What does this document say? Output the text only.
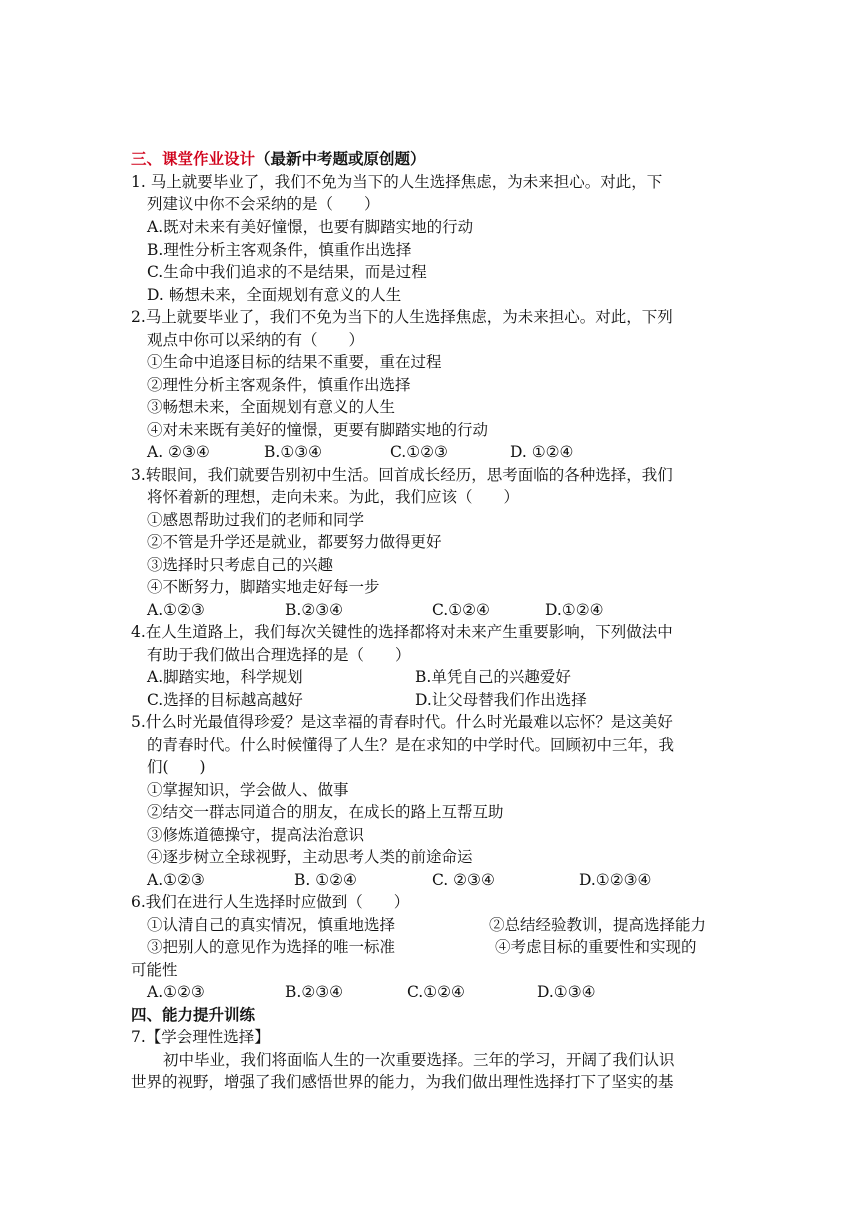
三、课堂作业设计（最新中考题或原创题）
1. 马上就要毕业了，我们不免为当下的人生选择焦虑，为未来担心。对此，下
列建议中你不会采纳的是（　　）
A.既对未来有美好憧憬，也要有脚踏实地的行动
B.理性分析主客观条件，慎重作出选择
C.生命中我们追求的不是结果，而是过程
D. 畅想未来，全面规划有意义的人生
2.马上就要毕业了，我们不免为当下的人生选择焦虑，为未来担心。对此，下列
观点中你可以采纳的有（　　）
①生命中追逐目标的结果不重要，重在过程
②理性分析主客观条件，慎重作出选择
③畅想未来，全面规划有意义的人生
④对未来既有美好的憧憬，更要有脚踏实地的行动
A. ②③④	B.①③④	C.①②③	D. ①②④
3.转眼间，我们就要告别初中生活。回首成长经历，思考面临的各种选择，我们
将怀着新的理想，走向未来。为此，我们应该（　　）
①感恩帮助过我们的老师和同学
②不管是升学还是就业，都要努力做得更好
③选择时只考虑自己的兴趣
④不断努力，脚踏实地走好每一步
A.①②③	B.②③④	C.①②④	D.①②④
4.在人生道路上，我们每次关键性的选择都将对未来产生重要影响，下列做法中
有助于我们做出合理选择的是（　　）
A.脚踏实地，科学规划	B.单凭自己的兴趣爱好
C.选择的目标越高越好	D.让父母替我们作出选择
5.什么时光最值得珍爱？是这幸福的青春时代。什么时光最难以忘怀？是这美好
的青春时代。什么时候懂得了人生？是在求知的中学时代。回顾初中三年，我
们(　　)
①掌握知识，学会做人、做事
②结交一群志同道合的朋友，在成长的路上互帮互助
③修炼道德操守，提高法治意识
④逐步树立全球视野，主动思考人类的前途命运
A.①②③	B. ①②④	C. ②③④	D.①②③④
6.我们在进行人生选择时应做到（　　）
①认清自己的真实情况，慎重地选择	②总结经验教训，提高选择能力
③把别人的意见作为选择的唯一标准	④考虑目标的重要性和实现的
可能性
A.①②③	B.②③④	C.①②④	D.①③④
四、能力提升训练
7.【学会理性选择】
初中毕业，我们将面临人生的一次重要选择。三年的学习，开阔了我们认识
世界的视野，增强了我们感悟世界的能力，为我们做出理性选择打下了坚实的基
